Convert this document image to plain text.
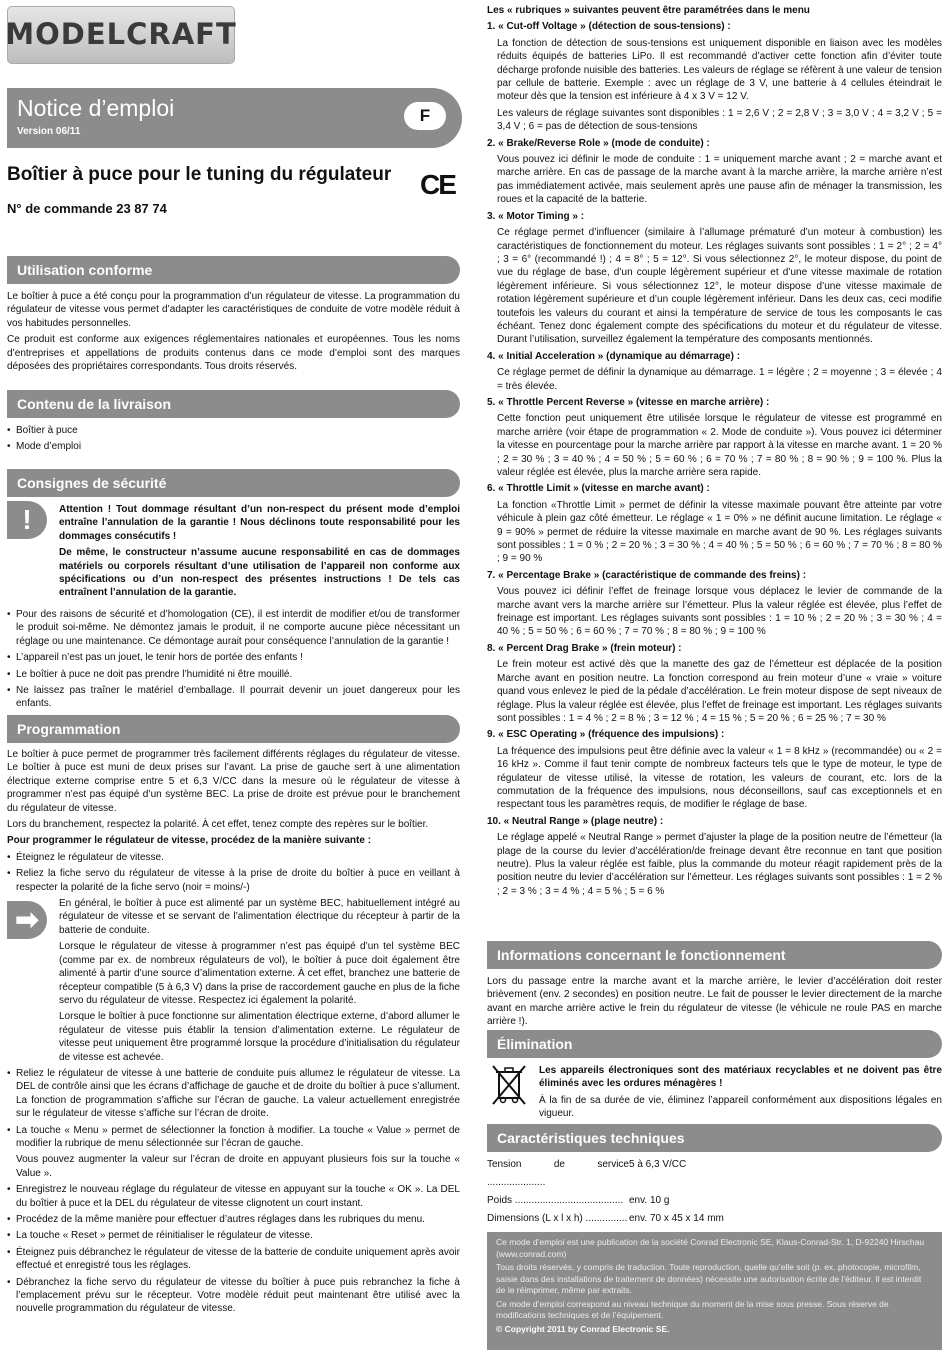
MODELCRAFT
Notice d’emploi
Version 06/11
F
Boîtier à puce pour le tuning du régulateur CE
N° de commande 23 87 74
Utilisation conforme

Le boîtier à puce a été conçu pour la programmation d’un régulateur de vitesse. La programmation du régulateur de vitesse vous permet d’adapter les caractéristiques de conduite de votre modèle réduit à vos habitudes personnelles.

Ce produit est conforme aux exigences réglementaires nationales et européennes. Tous les noms d’entreprises et appellations de produits contenus dans ce mode d’emploi sont des marques déposées des propriétaires correspondants. Tous droits réservés.

Contenu de la livraison

• Boîtier à puce

• Mode d’emploi

Consignes de sécurité
!	Attention ! Tout dommage résultant d’un non-respect du présent mode d’emploi entraîne l’annulation de la garantie ! Nous déclinons toute responsabilité pour les dommages consécutifs !

De même, le constructeur n’assume aucune responsabilité en cas de dommages matériels ou corporels résultant d’une utilisation de l’appareil non conforme aux spécifications ou d’un non-respect des présentes instructions ! De tels cas entraînent l’annulation de la garantie.

• Pour des raisons de sécurité et d’homologation (CE), il est interdit de modifier et/ou de transformer le produit soi-même. Ne démontez jamais le produit, il ne comporte aucune pièce nécessitant un réglage ou une maintenance. Ce démontage aurait pour conséquence l’annulation de la garantie !

• L’appareil n’est pas un jouet, le tenir hors de portée des enfants !

• Le boîtier à puce ne doit pas prendre l’humidité ni être mouillé.

• Ne laissez pas traîner le matériel d’emballage. Il pourrait devenir un jouet dangereux pour les enfants.

Programmation

Le boîtier à puce permet de programmer très facilement différents réglages du régulateur de vitesse. Le boîtier à puce est muni de deux prises sur l’avant. La prise de gauche sert à une alimentation électrique externe comprise entre 5 et 6,3 V/CC dans la mesure où le régulateur de vitesse à programmer n’est pas équipé d’un système BEC. La prise de droite est prévue pour le branchement du régulateur de vitesse.

Lors du branchement, respectez la polarité. À cet effet, tenez compte des repères sur le boîtier.

Pour programmer le régulateur de vitesse, procédez de la manière suivante :

• Éteignez le régulateur de vitesse.

• Reliez la fiche servo du régulateur de vitesse à la prise de droite du boîtier à puce en veillant à respecter la polarité de la fiche servo (noir = moins/-)

➡

En général, le boîtier à puce est alimenté par un système BEC, habituellement intégré au régulateur de vitesse et se servant de l’alimentation électrique du récepteur à partir de la batterie de conduite.

Lorsque le régulateur de vitesse à programmer n’est pas équipé d’un tel système BEC (comme par ex. de nombreux régulateurs de vol), le boîtier à puce doit également être alimenté à partir d’une source d’alimentation externe. À cet effet, branchez une batterie de récepteur compatible (5 à 6,3 V) dans la prise de raccordement gauche en plus de la fiche servo du régulateur de vitesse. Respectez ici également la polarité.

Lorsque le boîtier à puce fonctionne sur alimentation électrique externe, d’abord allumer le régulateur de vitesse puis établir la tension d’alimentation externe. Le régulateur de vitesse peut uniquement être programmé lorsque la procédure d’initialisation du régulateur de vitesse est achevée.

• Reliez le régulateur de vitesse à une batterie de conduite puis allumez le régulateur de vitesse. La DEL de contrôle ainsi que les écrans d’affichage de gauche et de droite du boîtier à puce s’allument. La fonction de programmation s’affiche sur l’écran de gauche. La valeur actuellement enregistrée sur le régulateur de vitesse s’affiche sur l’écran de droite.

• La touche « Menu » permet de sélectionner la fonction à modifier. La touche « Value » permet de modifier la rubrique de menu sélectionnée sur l’écran de gauche.

Vous pouvez augmenter la valeur sur l’écran de droite en appuyant plusieurs fois sur la touche « Value ».

• Enregistrez le nouveau réglage du régulateur de vitesse en appuyant sur la touche « OK ». La DEL du boîtier à puce et la DEL du régulateur de vitesse clignotent un court instant.

• Procédez de la même manière pour effectuer d’autres réglages dans les rubriques du menu.

• La touche « Reset » permet de réinitialiser le régulateur de vitesse.

• Éteignez puis débranchez le régulateur de vitesse de la batterie de conduite uniquement après avoir effectué et enregistré tous les réglages.

• Débranchez la fiche servo du régulateur de vitesse du boîtier à puce puis rebranchez la fiche à l’emplacement prévu sur le récepteur. Votre modèle réduit peut maintenant être utilisé avec la nouvelle programmation du régulateur de vitesse.

Les « rubriques » suivantes peuvent être paramétrées dans le menu

1. « Cut-off Voltage » (détection de sous-tensions) :

La fonction de détection de sous-tensions est uniquement disponible en liaison avec les modèles réduits équipés de batteries LiPo. Il est recommandé d’activer cette fonction afin d’éviter toute décharge profonde nuisible des batteries. Les valeurs de réglage se réfèrent à une valeur de tension par cellule de batterie. Exemple : avec un réglage de 3 V, une batterie à 4 cellules éteindrait le moteur dès que la tension est inférieure à 4 x 3 V = 12 V.

Les valeurs de réglage suivantes sont disponibles : 1 = 2,6 V ; 2 = 2,8 V ; 3 = 3,0 V ; 4 = 3,2 V ; 5 = 3,4 V ; 6 = pas de détection de sous-tensions

2. « Brake/Reverse Role » (mode de conduite) :

Vous pouvez ici définir le mode de conduite : 1 = uniquement marche avant ; 2 = marche avant et marche arrière. En cas de passage de la marche avant à la marche arrière, la marche arrière n’est pas immédiatement activée, mais seulement après une pause afin de ménager la transmission, les roues et la capacité de la batterie.

3. « Motor Timing » :

Ce réglage permet d’influencer (similaire à l’allumage prématuré d’un moteur à combustion) les caractéristiques de fonctionnement du moteur. Les réglages suivants sont possibles : 1 = 2° ; 2 = 4° ; 3 = 6° (recommandé !) ; 4 = 8° ; 5 = 12°. Si vous sélectionnez 2°, le moteur dispose, du point de vue du réglage de base, d’un couple légèrement supérieur et d’une vitesse maximale de rotation légèrement inférieure. Si vous sélectionnez 12°, le moteur dispose d’une vitesse maximale de rotation légèrement supérieure et d’un couple légèrement inférieur. Dans les deux cas, ceci modifie toutefois les valeurs du courant et ainsi la température de service de tous les composants le cas échéant. Tenez donc également compte des spécifications du moteur et du régulateur de vitesse. Durant l’utilisation, surveillez également la température des composants mentionnés.

4. « Initial Acceleration » (dynamique au démarrage) :

Ce réglage permet de définir la dynamique au démarrage. 1 = légère ; 2 = moyenne ; 3 = élevée ; 4 = très élevée.

5. « Throttle Percent Reverse » (vitesse en marche arrière) :

Cette fonction peut uniquement être utilisée lorsque le régulateur de vitesse est programmé en marche arrière (voir étape de programmation « 2. Mode de conduite »). Vous pouvez ici déterminer la vitesse en pourcentage pour la marche arrière par rapport à la vitesse en marche avant. 1 = 20 % ; 2 = 30 % ; 3 = 40 % ; 4 = 50 % ; 5 = 60 % ; 6 = 70 % ; 7 = 80 % ; 8 = 90 % ; 9 = 100 %. Plus la valeur réglée est élevée, plus la marche arrière sera rapide.

6. « Throttle Limit » (vitesse en marche avant) :

La fonction «Throttle Limit » permet de définir la vitesse maximale pouvant être atteinte par votre véhicule à plein gaz côté émetteur. Le réglage « 1 = 0% » ne définit aucune limitation. Le réglage « 9 = 90% » permet de réduire la vitesse maximale en marche avant de 90 %. Les réglages suivants sont possibles : 1 = 0 % ; 2 = 20 % ; 3 = 30 % ; 4 = 40 % ; 5 = 50 % ; 6 = 60 % ; 7 = 70 % ; 8 = 80 % ; 9 = 90 %

7. « Percentage Brake » (caractéristique de commande des freins) :

Vous pouvez ici définir l’effet de freinage lorsque vous déplacez le levier de commande de la marche avant vers la marche arrière sur l’émetteur. Plus la valeur réglée est élevée, plus l’effet de freinage est important. Les réglages suivants sont possibles : 1 = 10 % ; 2 = 20 % ; 3 = 30 % ; 4 = 40 % ; 5 = 50 % ; 6 = 60 % ; 7 = 70 % ; 8 = 80 % ; 9 = 100 %

8. « Percent Drag Brake » (frein moteur) :

Le frein moteur est activé dès que la manette des gaz de l’émetteur est déplacée de la position Marche avant en position neutre. La fonction correspond au frein moteur d’une « vraie » voiture quand vous enlevez le pied de la pédale d’accélération. Le frein moteur dispose de sept niveaux de réglage. Plus la valeur réglée est élevée, plus l’effet de freinage est important. Les réglages suivants sont possibles : 1 = 4 % ; 2 = 8 % ; 3 = 12 % ; 4 = 15 % ; 5 = 20 % ; 6 = 25 % ; 7 = 30 %

9. « ESC Operating » (fréquence des impulsions) :

La fréquence des impulsions peut être définie avec la valeur « 1 = 8 kHz » (recommandée) ou « 2 = 16 kHz ». Comme il faut tenir compte de nombreux facteurs tels que le type de moteur, le type de régulateur de vitesse utilisé, la vitesse de rotation, les valeurs de courant, etc. lors de la commutation de la fréquence des impulsions, nous déconseillons, sauf cas exceptionnels et en respectant tous les paramètres requis, de modifier le réglage de base.

10. « Neutral Range » (plage neutre) :

Le réglage appelé « Neutral Range » permet d’ajuster la plage de la position neutre de l’émetteur (la plage de la course du levier d’accélération/de freinage devant être reconnue en tant que position neutre). Plus la valeur réglée est faible, plus la commande du moteur réagit rapidement près de la position neutre du levier d’accélération sur l’émetteur. Les réglages suivants sont possibles : 1 = 2 % ; 2 = 3 % ; 3 = 4 % ; 4 = 5 % ; 5 = 6 %

Informations concernant le fonctionnement

Lors du passage entre la marche avant et la marche arrière, le levier d’accélération doit rester brièvement (env. 2 secondes) en position neutre. Le fait de pousser le levier directement de la marche avant en marche arrière active le frein du régulateur de vitesse (le véhicule ne roule PAS en marche arrière !).

Élimination

Les appareils électroniques sont des matériaux recyclables et ne doivent pas être éliminés avec les ordures ménagères !

À la fin de sa durée de vie, éliminez l’appareil conformément aux dispositions légales en vigueur.

Caractéristiques techniques
Tension de service .....................	5 à 6,3 V/CC
Poids .......................................	env. 10 g
Dimensions (L x l x h) ...............	env. 70 x 45 x 14 mm

Ce mode d’emploi est une publication de la société Conrad Electronic SE, Klaus-Conrad-Str. 1, D-92240 Hirschau (www.conrad.com)

Tous droits réservés, y compris de traduction. Toute reproduction, quelle qu’elle soit (p. ex. photocopie, microfilm, saisie dans des installations de traitement de données) nécessite une autorisation écrite de l’éditeur. Il est interdit de le réimprimer, même par extraits.

Ce mode d’emploi correspond au niveau technique du moment de la mise sous presse. Sous réserve de modifications techniques et de l’équipement.

© Copyright 2011 by Conrad Electronic SE.
